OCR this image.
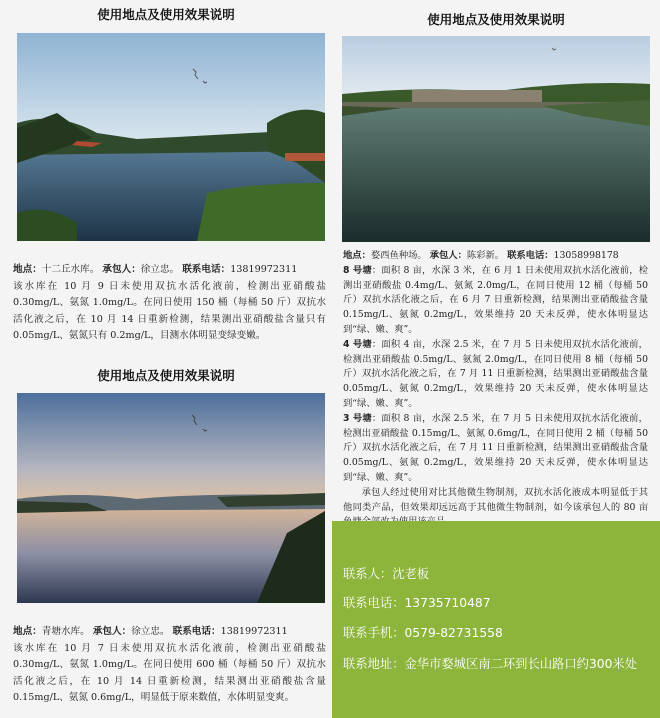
使用地点及使用效果说明
地点：十二丘水库。 承包人：徐立忠。 联系电话：13819972311
该水库在 10 月 9 日未使用双抗水活化液前，检测出亚硝酸盐 0.30mg/L、氨氮 1.0mg/L。在同日使用 150 桶（每桶 50 斤）双抗水活化液之后，在 10 月 14 日重新检测，结果测出亚硝酸盐含量只有 0.05mg/L、氨氮只有 0.2mg/L，目测水体明显变绿变嫩。
使用地点及使用效果说明
地点：青塘水库。 承包人：徐立忠。 联系电话：13819972311
该水库在 10 月 7 日未使用双抗水活化液前，检测出亚硝酸盐 0.30mg/L、氨氮 1.0mg/L。在同日使用 600 桶（每桶 50 斤）双抗水活化液之后，在 10 月 14 日重新检测，结果测出亚硝酸盐含量 0.15mg/L、氨氮 0.6mg/L，明显低于原来数值，水体明显变爽。
使用地点及使用效果说明
地点：婺西鱼种场。 承包人：陈彩新。 联系电话：13058998178
8 号塘：面积 8 亩，水深 3 米，在 6 月 1 日未使用双抗水活化液前，检测出亚硝酸盐 0.4mg/L、氨氮 2.0mg/L，在同日使用 12 桶（每桶 50 斤）双抗水活化液之后，在 6 月 7 日重新检测，结果测出亚硝酸盐含量 0.15mg/L、氨氮 0.2mg/L，效果维持 20 天未反弹，使水体明显达到“绿、嫩、爽”。
4 号塘：面积 4 亩，水深 2.5 米，在 7 月 5 日未使用双抗水活化液前，检测出亚硝酸盐 0.5mg/L、氨氮 2.0mg/L，在同日使用 8 桶（每桶 50 斤）双抗水活化液之后，在 7 月 11 日重新检测，结果测出亚硝酸盐含量 0.05mg/L、氨氮 0.2mg/L，效果维持 20 天未反弹，使水体明显达到“绿、嫩、爽”。
3 号塘：面积 8 亩，水深 2.5 米，在 7 月 5 日未使用双抗水活化液前，检测出亚硝酸盐 0.15mg/L、氨氮 0.6mg/L，在同日使用 2 桶（每桶 50 斤）双抗水活化液之后，在 7 月 11 日重新检测，结果测出亚硝酸盐含量 0.05mg/L、氨氮 0.2mg/L，效果维持 20 天未反弹，使水体明显达到“绿、嫩、爽”。
承包人经过使用对比其他微生物制剂，双抗水活化液成本明显低于其他同类产品，但效果却远远高于其他微生物制剂，如今该承包人的 80 亩
联系人：沈老板
联系电话：13735710487
联系手机：0579-82731558
联系地址：金华市婺城区南二环到长山路口约300米处
